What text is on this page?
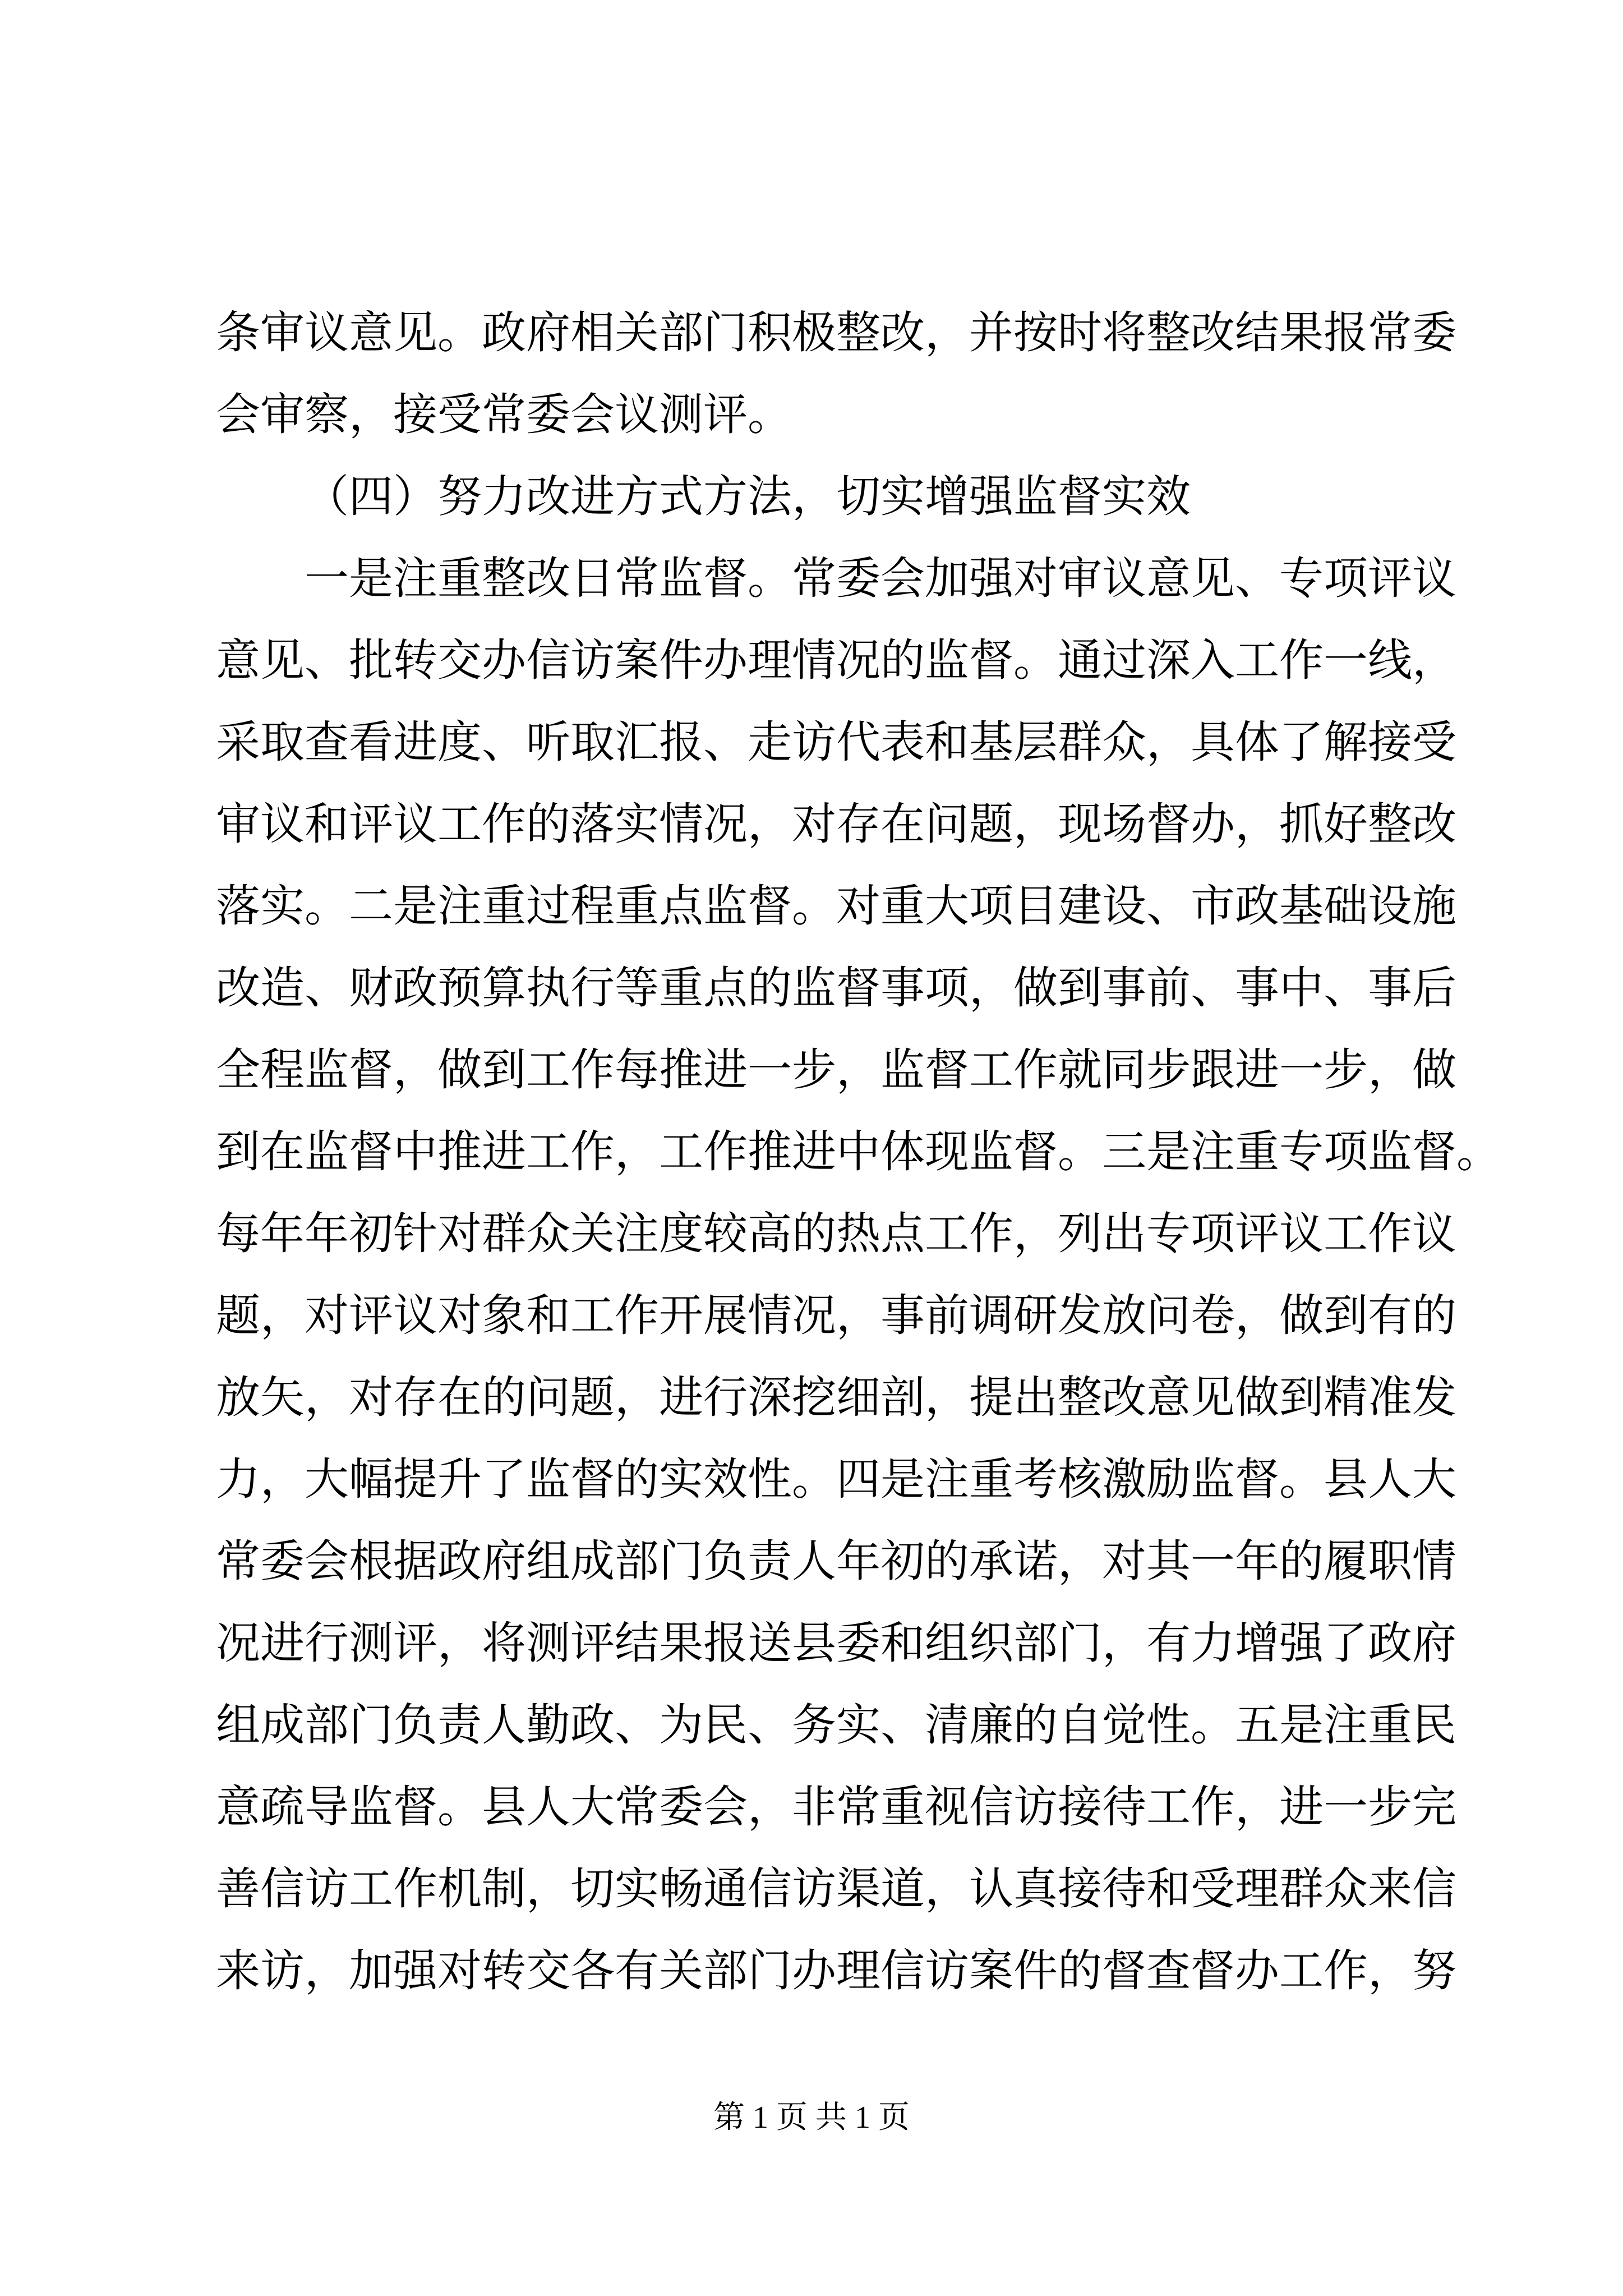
条审议意见。政府相关部门积极整改，并按时将整改结果报常委
会审察，接受常委会议测评。
（四）努力改进方式方法，切实增强监督实效
一是注重整改日常监督。常委会加强对审议意见、专项评议
意见、批转交办信访案件办理情况的监督。通过深入工作一线，
采取查看进度、听取汇报、走访代表和基层群众，具体了解接受
审议和评议工作的落实情况，对存在问题，现场督办，抓好整改
落实。二是注重过程重点监督。对重大项目建设、市政基础设施
改造、财政预算执行等重点的监督事项，做到事前、事中、事后
全程监督，做到工作每推进一步，监督工作就同步跟进一步，做
到在监督中推进工作，工作推进中体现监督。三是注重专项监督。
每年年初针对群众关注度较高的热点工作，列出专项评议工作议
题，对评议对象和工作开展情况，事前调研发放问卷，做到有的
放矢，对存在的问题，进行深挖细剖，提出整改意见做到精准发
力，大幅提升了监督的实效性。四是注重考核激励监督。县人大
常委会根据政府组成部门负责人年初的承诺，对其一年的履职情
况进行测评，将测评结果报送县委和组织部门，有力增强了政府
组成部门负责人勤政、为民、务实、清廉的自觉性。五是注重民
意疏导监督。县人大常委会，非常重视信访接待工作，进一步完
善信访工作机制，切实畅通信访渠道，认真接待和受理群众来信
来访，加强对转交各有关部门办理信访案件的督查督办工作，努
第 1 页 共 1 页
